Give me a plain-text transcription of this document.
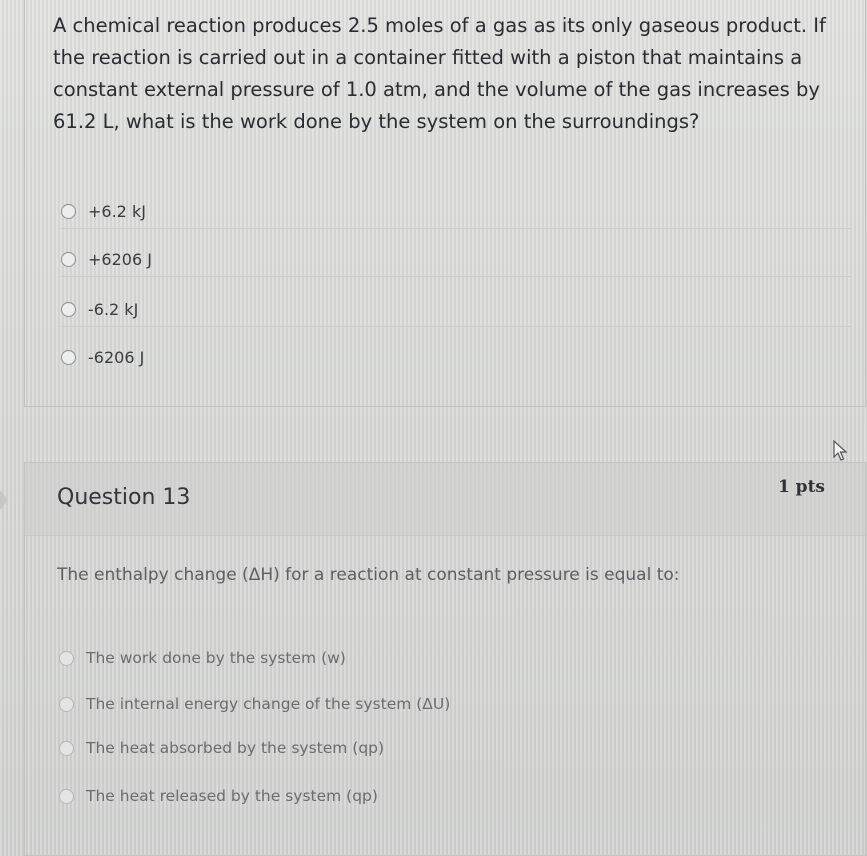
A chemical reaction produces 2.5 moles of a gas as its only gaseous product. If the reaction is carried out in a container fitted with a piston that maintains a constant external pressure of 1.0 atm, and the volume of the gas increases by 61.2 L, what is the work done by the system on the surroundings?
+6.2 kJ
+6206 J
-6.2 kJ
-6206 J
Question 13	1 pts
The enthalpy change (ΔH) for a reaction at constant pressure is equal to:
The work done by the system (w)
The internal energy change of the system (ΔU)
The heat absorbed by the system (qp)
The heat released by the system (qp)
